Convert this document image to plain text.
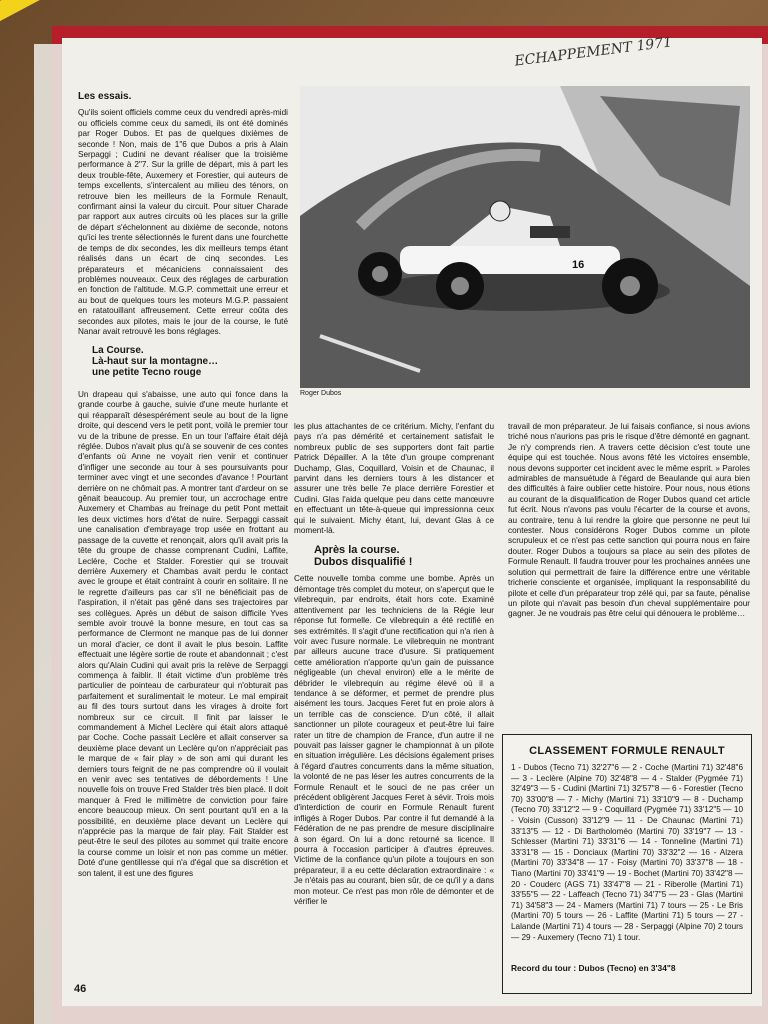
ECHAPPEMENT 1971
Les essais.

Qu'ils soient officiels comme ceux du vendredi après-midi ou officiels comme ceux du samedi, ils ont été dominés par Roger Dubos. Et pas de quelques dixièmes de seconde ! Non, mais de 1"6 que Dubos a pris à Alain Serpaggi ; Cudini ne devant réaliser que la troisième performance à 2"7. Sur la grille de départ, mis à part les deux trouble-fête, Auxemery et Forestier, qui auteurs de temps excellents, s'intercalent au milieu des ténors, on retrouve bien les meilleurs de la Formule Renault, confirmant ainsi la valeur du circuit. Pour situer Charade par rapport aux autres circuits où les places sur la grille de départ s'échelonnent au dixième de seconde, notons qu'ici les trente sélectionnés le furent dans une fourchette de temps de dix secondes, les dix meilleurs temps étant réalisés dans un écart de cinq secondes. Les préparateurs et mécaniciens connaissaient des problèmes nouveaux. Ceux des réglages de carburation en fonction de l'altitude. M.G.P. commettait une erreur et au bout de quelques tours les moteurs M.G.P. passaient en ratatouillant affreusement. Cette erreur coûta des secondes aux pilotes, mais le jour de la course, le futé Nanar avait retrouvé les bons réglages.

La Course.
Là-haut sur la montagne…
une petite Tecno rouge

Un drapeau qui s'abaisse, une auto qui fonce dans la grande courbe à gauche, suivie d'une meute hurlante et qui réapparaît désespérément seule au bout de la ligne droite, qui descend vers le petit pont, voilà le premier tour vu de la tribune de presse. En un tour l'affaire était déjà réglée. Dubos n'avait plus qu'à se souvenir de ces contes d'enfants où Anne ne voyait rien venir et continuer d'infliger une seconde au tour à ses poursuivants pour terminer avec vingt et une secondes d'avance ! Pourtant derrière on ne chômait pas. A montrer tant d'ardeur on se gênait beaucoup. Au premier tour, un accrochage entre Auxemery et Chambas au freinage du petit Pont mettait les deux victimes hors d'état de nuire. Serpaggi cassait une canalisation d'embrayage trop usée en frottant au passage de la cuvette et renonçait, alors qu'il avait pris la tête du groupe de chasse comprenant Cudini, Laffite, Leclère, Coche et Stalder. Forestier qui se trouvait derrière Auxemery et Chambas avait perdu le contact avec le groupe et était contraint à courir en solitaire. Il ne le regrette d'ailleurs pas car s'il ne bénéficiait pas de l'aspiration, il n'était pas gêné dans ses trajectoires par ses collègues. Après un début de saison difficile Yves semble avoir trouvé la bonne mesure, en tout cas sa performance de Clermont ne manque pas de lui donner un moral d'acier, ce dont il avait le plus besoin. Laffite effectuait une légère sortie de route et abandonnait ; c'est alors qu'Alain Cudini qui avait pris la relève de Serpaggi commença à faiblir. Il était victime d'un problème très particulier de pointeau de carburateur qui n'obturait pas parfaitement et suralimentait le moteur. Le mal empirait au fil des tours surtout dans les virages à droite fort nombreux sur ce circuit. Il finit par laisser le commandement à Michel Leclère qui était alors attaqué par Coche. Coche passait Leclère et allait conserver sa deuxième place devant un Leclère qu'on n'appréciait pas le marque de « fair play » de son ami qui durant les derniers tours feignit de ne pas comprendre où il voulait en venir avec ses tentatives de débordements ! Une nouvelle fois on trouve Fred Stalder très bien placé. Il doit manquer à Fred le millimètre de conviction pour faire encore beaucoup mieux. On sent pourtant qu'il en a la possibilité, en deuxième place devant un Leclère qui n'apprécie pas la marque de fair play. Fait Stalder est peut-être le seul des pilotes au sommet qui traite encore la course comme un loisir et non pas comme un métier. Doté d'une gentillesse qui n'a d'égal que sa discrétion et son talent, il est une des figures

16
Roger Dubos

les plus attachantes de ce critérium. Michy, l'enfant du pays n'a pas démérité et certainement satisfait le nombreux public de ses supporters dont fait partie Patrick Dépailler. A la tête d'un groupe comprenant Duchamp, Glas, Coquillard, Voisin et de Chaunac, il parvint dans les derniers tours à les distancer et assurer une très belle 7e place derrière Forestier et Cudini. Glas l'aida quelque peu dans cette manœuvre en effectuant un tête-à-queue qui impressionna ceux qui le suivaient. Michy étant, lui, devant Glas à ce moment-là.

Après la course.
Dubos disqualifié !

Cette nouvelle tomba comme une bombe. Après un démontage très complet du moteur, on s'aperçut que le vilebrequin, par endroits, était hors cote. Examiné attentivement par les techniciens de la Régie leur réponse fut formelle. Ce vilebrequin a été rectifié en ses extrémités. Il s'agit d'une rectification qui n'a rien à voir avec l'usure normale. Le vilebrequin ne montrant par ailleurs aucune trace d'usure. Si pratiquement cette amélioration n'apporte qu'un gain de puissance négligeable (un cheval environ) elle a le mérite de débrider le vilebrequin au régime élevé où il a tendance à se déformer, et permet de prendre plus aisément les tours. Jacques Feret fut en proie alors à un terrible cas de conscience. D'un côté, il allait sanctionner un pilote courageux et peut-être lui faire rater un titre de champion de France, d'un autre il ne pouvait pas laisser gagner le championnat à un pilote en situation irrégulière. Les décisions également prises à l'égard d'autres concurrents dans la même situation, la volonté de ne pas léser les autres concurrents de la Formule Renault et le souci de ne pas créer un précédent obligèrent Jacques Feret à sévir. Trois mois d'interdiction de courir en Formule Renault furent infligés à Roger Dubos. Par contre il fut demandé à la Fédération de ne pas prendre de mesure disciplinaire à son égard. On lui a donc retourné sa licence. Il pourra à l'occasion participer à d'autres épreuves. Victime de la confiance qu'un pilote a toujours en son préparateur, il a eu cette déclaration extraordinaire : « Je n'étais pas au courant, bien sûr, de ce qu'il y a dans mon moteur. Ce n'est pas mon rôle de démonter et de vérifier le

travail de mon préparateur. Je lui faisais confiance, si nous avions triché nous n'aurions pas pris le risque d'être démonté en gagnant. Je n'y comprends rien. A travers cette décision c'est toute une équipe qui est touchée. Nous avons fêté les victoires ensemble, nous devons supporter cet incident avec le même esprit. » Paroles admirables de mansuétude à l'égard de Beaulande qui aura bien des difficultés à faire oublier cette histoire. Pour nous, nous étions au courant de la disqualification de Roger Dubos quand cet article fut écrit. Nous n'avons pas voulu l'écarter de la course et avons, au contraire, tenu à lui rendre la gloire que personne ne peut lui contester. Nous considérons Roger Dubos comme un pilote scrupuleux et ce n'est pas cette sanction qui pourra nous en faire douter. Roger Dubos a toujours sa place au sein des pilotes de Formule Renault. Il faudra trouver pour les prochaines années une solution qui permettrait de faire la différence entre une véritable tricherie consciente et organisée, impliquant la responsabilité du pilote et celle d'un préparateur trop zélé qui, par sa faute, pénalise un pilote qui n'avait pas besoin d'un cheval supplémentaire pour gagner. Je ne voudrais pas être celui qui dénouera le problème…

CLASSEMENT FORMULE RENAULT
1 - Dubos (Tecno 71) 32'27"6 — 2 - Coche (Martini 71) 32'48"6 — 3 - Leclère (Alpine 70) 32'48"8 — 4 - Stalder (Pygmée 71) 32'49"3 — 5 - Cudini (Martini 71) 32'57"8 — 6 - Forestier (Tecno 70) 33'00"8 — 7 - Michy (Martini 71) 33'10"9 — 8 - Duchamp (Tecno 70) 33'12"2 — 9 - Coquillard (Pygmée 71) 33'12"5 — 10 - Voisin (Cusson) 33'12"9 — 11 - De Chaunac (Martini 71) 33'13"5 — 12 - Di Bartholoméo (Martini 70) 33'19"7 — 13 - Schlesser (Martini 71) 33'31"6 — 14 - Tonneline (Martini 71) 33'31"8 — 15 - Donciaux (Martini 70) 33'32"2 — 16 - Alzera (Martini 70) 33'34"8 — 17 - Foisy (Martini 70) 33'37"8 — 18 - Tiano (Martini 70) 33'41"9 — 19 - Bochet (Martini 70) 33'42"8 — 20 - Couderc (AGS 71) 33'47"8 — 21 - Riberolle (Martini 71) 33'55"5 — 22 - Laffeach (Tecno 71) 34'7"5 — 23 - Glas (Martini 71) 34'58"3 — 24 - Mamers (Martini 71) 7 tours — 25 - Le Bris (Martini 70) 5 tours — 26 - Laffite (Martini 71) 5 tours — 27 - Lalande (Martini 71) 4 tours — 28 - Serpaggi (Alpine 70) 2 tours — 29 - Auxemery (Tecno 71) 1 tour.
Record du tour : Dubos (Tecno) en 3'34"8
46
